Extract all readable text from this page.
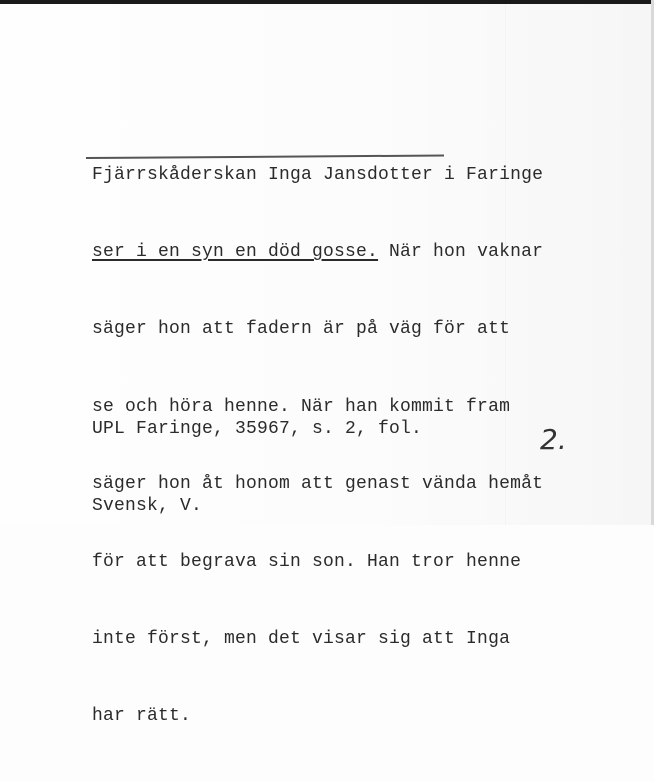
Fjärrskåderskan Inga Jansdotter i Faringe

ser i en syn en död gosse. När hon vaknar

säger hon att fadern är på väg för att

se och höra henne. När han kommit fram

säger hon åt honom att genast vända hemåt

för att begrava sin son. Han tror henne

inte först, men det visar sig att Inga

har rätt.

UPL Faringe, 35967, s. 2, fol.

Svensk, V.

2.
